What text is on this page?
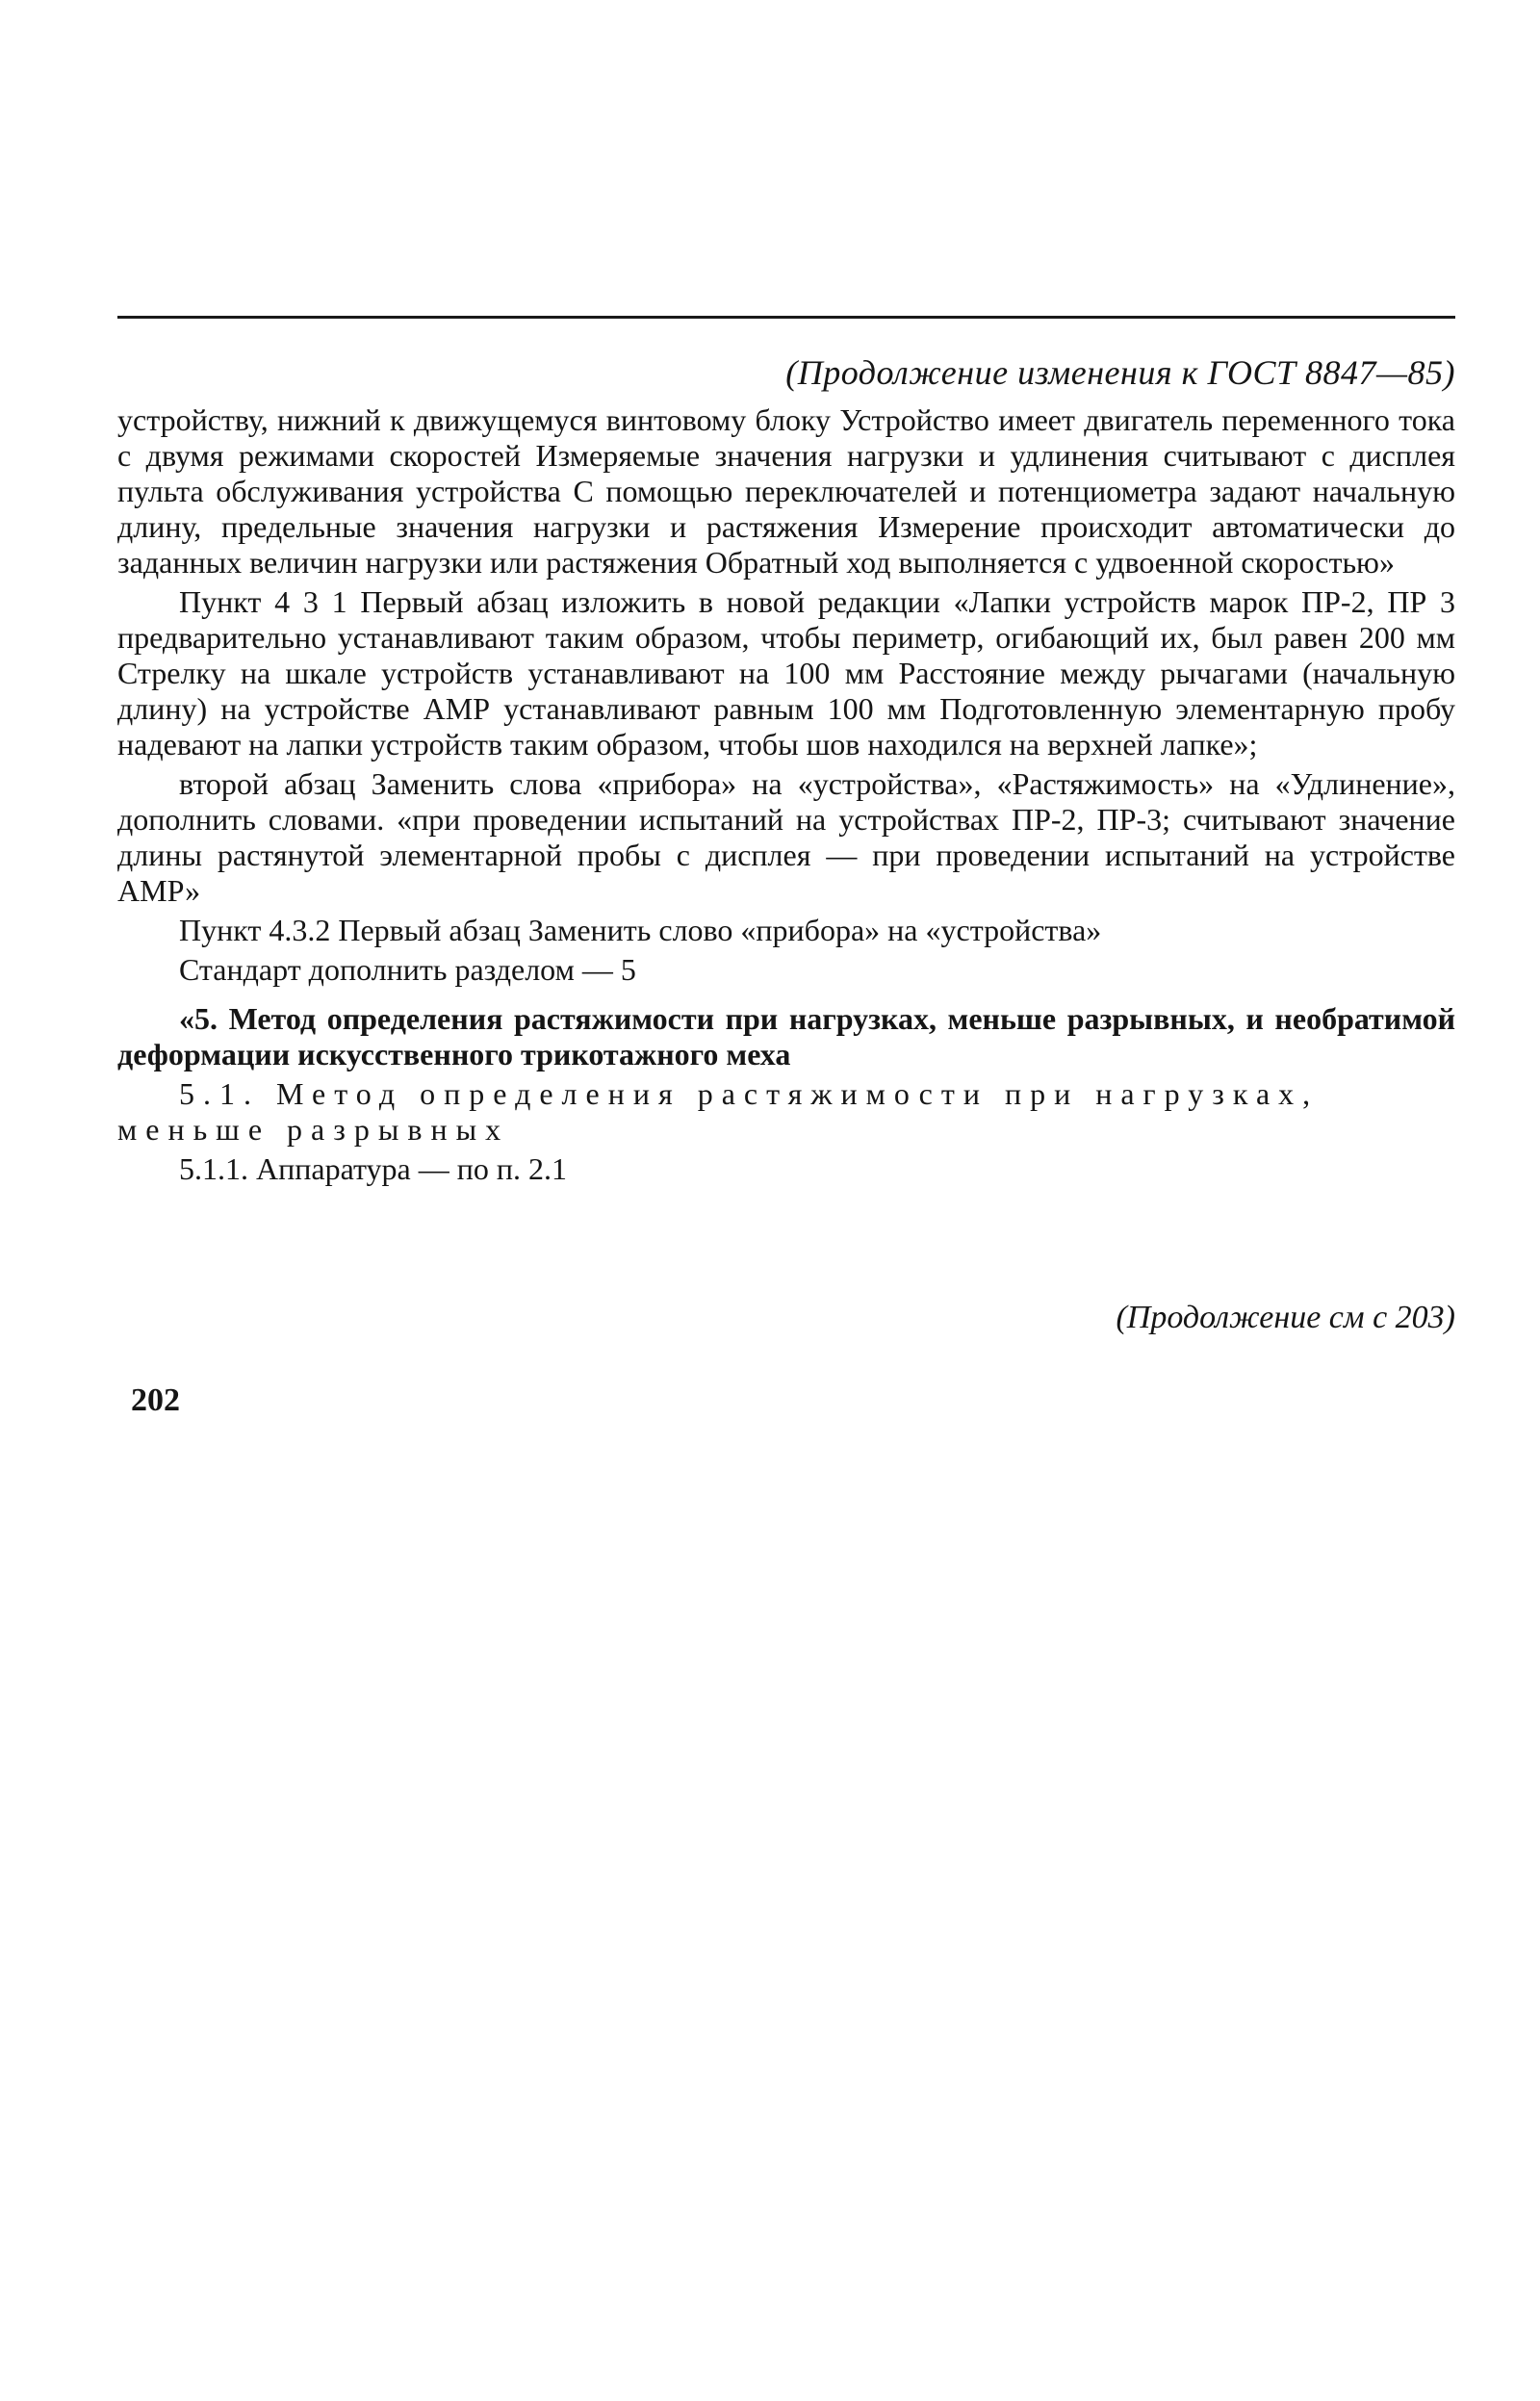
(Продолжение изменения к ГОСТ 8847—85)

устройству, нижний к движущемуся винтовому блоку Устройство имеет двигатель переменного тока с двумя режимами скоростей Измеряемые значения нагрузки и удлинения считывают с дисплея пульта обслуживания устройства С помощью переключателей и потенциометра задают начальную длину, предельные значения нагрузки и растяжения Измерение происходит автоматически до заданных величин нагрузки или растяжения Обратный ход выполняется с удвоенной скоростью»

Пункт 4 3 1 Первый абзац изложить в новой редакции «Лапки устройств марок ПР-2, ПР 3 предварительно устанавливают таким образом, чтобы периметр, огибающий их, был равен 200 мм Стрелку на шкале устройств устанавливают на 100 мм Расстояние между рычагами (начальную длину) на устройстве АМР устанавливают равным 100 мм Подготовленную элементарную пробу надевают на лапки устройств таким образом, чтобы шов находился на верхней лапке»;

второй абзац Заменить слова «прибора» на «устройства», «Растяжимость» на «Удлинение», дополнить словами. «при проведении испытаний на устройствах ПР-2, ПР-3; считывают значение длины растянутой элементарной пробы с дисплея — при проведении испытаний на устройстве АМР»

Пункт 4.3.2 Первый абзац Заменить слово «прибора» на «устройства»

Стандарт дополнить разделом — 5

«5. Метод определения растяжимости при нагрузках, меньше разрывных, и необратимой деформации искусственного трикотажного меха

5.1. Метод определения растяжимости при нагрузках, меньше разрывных

5.1.1. Аппаратура — по п. 2.1

(Продолжение см с 203)
202
